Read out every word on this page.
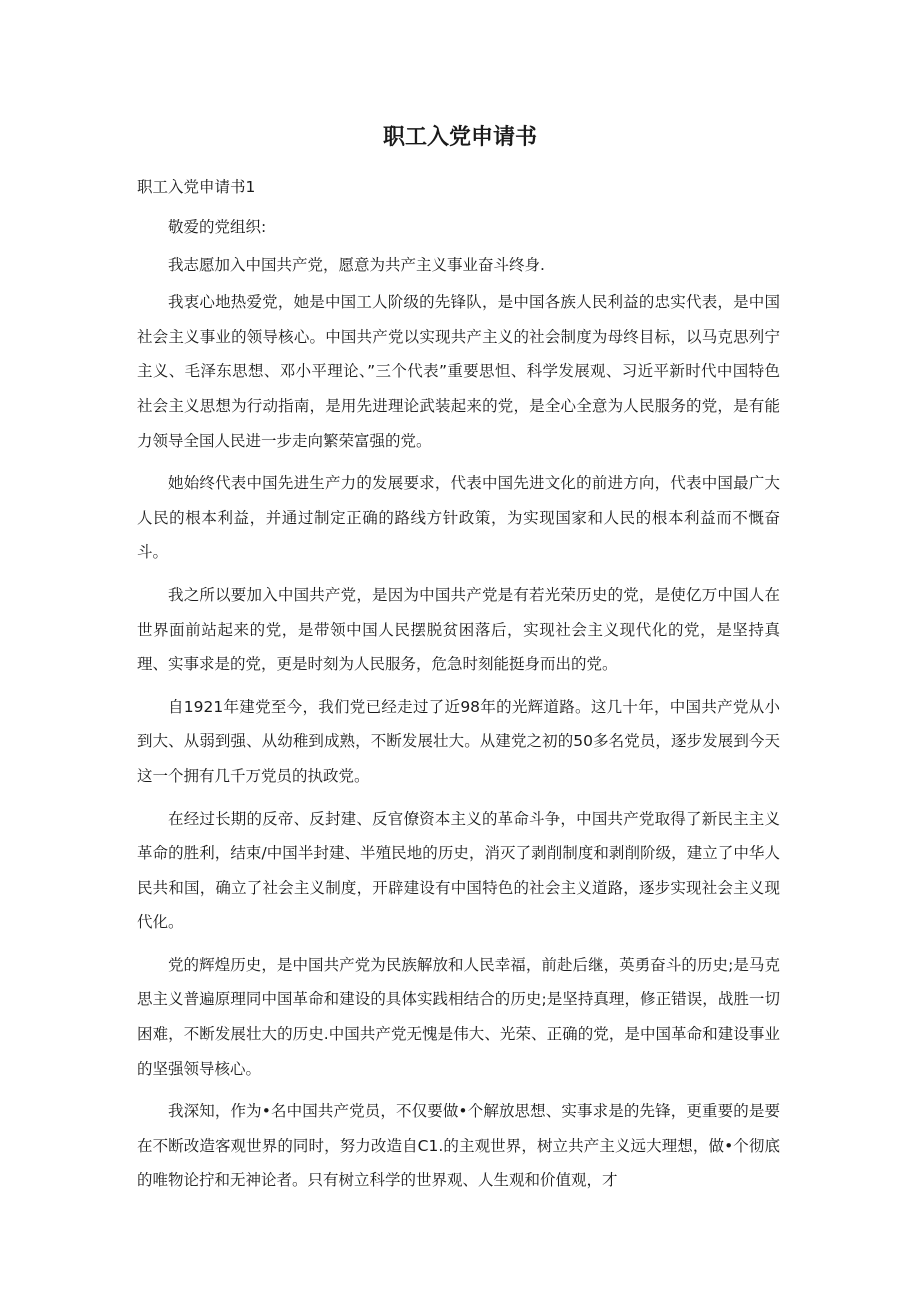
职工入党申请书

职工入党申请书1

敬爱的党组织:

我志愿加入中国共产党，愿意为共产主义事业奋斗终身.

我衷心地热爱党，她是中国工人阶级的先锋队，是中国各族人民利益的忠实代表，是中国社会主义事业的领导核心。中国共产党以实现共产主义的社会制度为母终目标，以马克思列宁主义、毛泽东思想、邓小平理论、”三个代表”重要思怛、科学发展观、习近平新时代中国特色社会主义思想为行动指南，是用先进理论武装起来的党，是全心全意为人民服务的党，是有能力领导全国人民进一步走向繁荣富强的党。

她始终代表中国先进生产力的发展要求，代表中国先进文化的前进方向，代表中国最广大人民的根本利益，并通过制定正确的路线方针政策，为实现国家和人民的根本利益而不慨奋斗。

我之所以要加入中国共产党，是因为中国共产党是有若光荣历史的党，是使亿万中国人在世界面前站起来的党，是带领中国人民摆脱贫困落后，实现社会主义现代化的党，是坚持真理、实事求是的党，更是时刻为人民服务，危急时刻能挺身而出的党。

自1921年建党至今，我们党已经走过了近98年的光辉道路。这几十年，中国共产党从小到大、从弱到强、从幼稚到成熟，不断发展壮大。从建党之初的50多名党员，逐步发展到今天这一个拥有几千万党员的执政党。

在经过长期的反帝、反封建、反官僚资本主义的革命斗争，中国共产党取得了新民主主义革命的胜利，结束/中国半封建、半殖民地的历史，消灭了剥削制度和剥削阶级，建立了中华人民共和国，确立了社会主义制度，开辟建设有中国特色的社会主义道路，逐步实现社会主义现代化。

党的辉煌历史，是中国共产党为民族解放和人民幸福，前赴后继，英勇奋斗的历史;是马克思主义普遍原理同中国革命和建设的具体实践相结合的历史;是坚持真理，修正错误，战胜一切困难，不断发展壮大的历史.中国共产党无愧是伟大、光荣、正确的党，是中国革命和建设事业的坚强领导核心。

我深知，作为•名中国共产党员，不仅要做•个解放思想、实事求是的先锋，更重要的是要在不断改造客观世界的同时，努力改造自C1.的主观世界，树立共产主义远大理想，做•个彻底的唯物论拧和无神论者。只有树立科学的世界观、人生观和价值观，才
